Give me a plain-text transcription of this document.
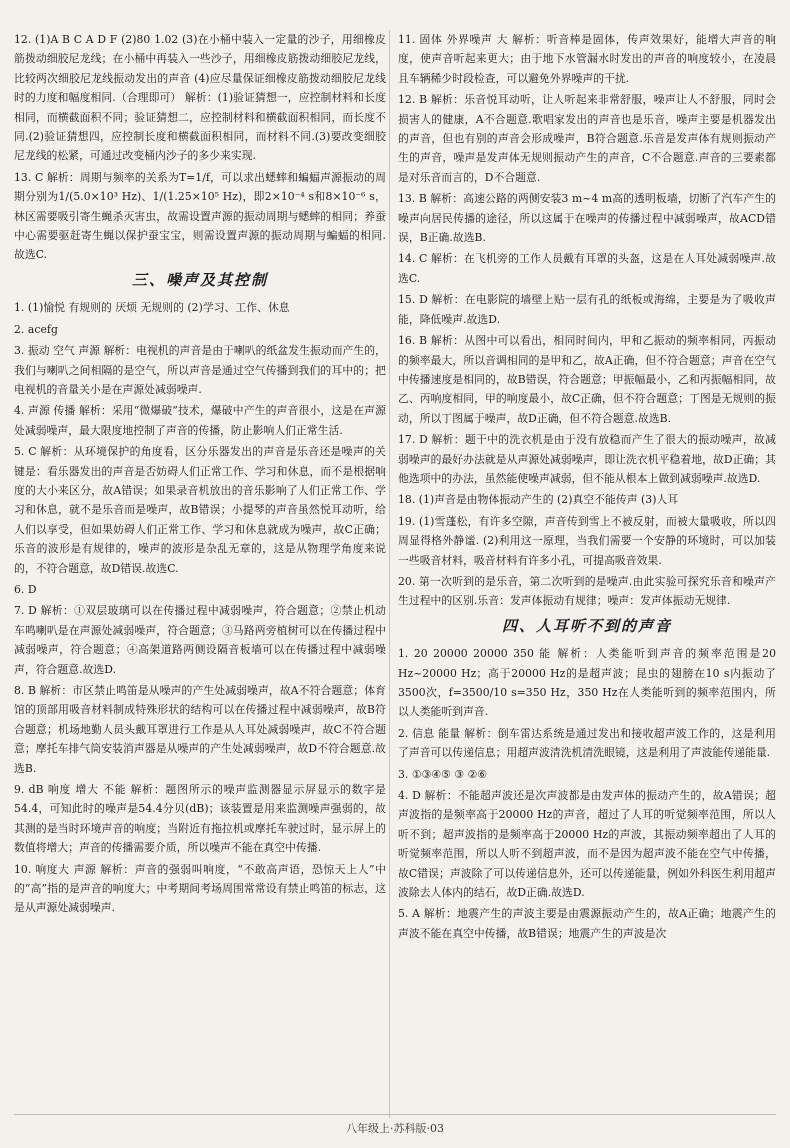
12. (1)A B C A D F (2)80 1.02 (3)在小桶中装入一定量的沙子，用细橡皮筋拨动细胶尼龙线；在小桶中再装入一些沙子，用细橡皮筋拨动细胶尼龙线，比较两次细胶尼龙线振动发出的声音 (4)应尽量保证细橡皮筋拨动细胶尼龙线时的力度和幅度相同.（合理即可） 解析：(1)验证猜想一，应控制材料和长度相同，而横截面积不同；验证猜想二，应控制材料和横截面积相同，而长度不同.(2)验证猜想四，应控制长度和横截面积相同，而材料不同.(3)要改变细胶尼龙线的松紧，可通过改变桶内沙子的多少来实现.

13. C 解析：周期与频率的关系为T=1/f，可以求出蟋蟀和蝙蝠声源振动的周期分别为1/(5.0×10³ Hz)、1/(1.25×10⁵ Hz)，即2×10⁻⁴ s和8×10⁻⁶ s，林区需要吸引寄生蝇杀灭害虫，故需设置声源的振动周期与蟋蟀的相同；养蚕中心需要驱赶寄生蝇以保护蚕宝宝，则需设置声源的振动周期与蝙蝠的相同.故选C.

三、噪声及其控制

1. (1)愉悦 有规则的 厌烦 无规则的 (2)学习、工作、休息

2. acefg

3. 振动 空气 声源 解析：电视机的声音是由于喇叭的纸盆发生振动而产生的，我们与喇叭之间相隔的是空气，所以声音是通过空气传播到我们的耳中的；把电视机的音量关小是在声源处减弱噪声.

4. 声源 传播 解析：采用“微爆破”技术，爆破中产生的声音很小，这是在声源处减弱噪声，最大限度地控制了声音的传播，防止影响人们正常生活.

5. C 解析：从环境保护的角度看，区分乐器发出的声音是乐音还是噪声的关键是：看乐器发出的声音是否妨碍人们正常工作、学习和休息，而不是根据响度的大小来区分，故A错误；如果录音机放出的音乐影响了人们正常工作、学习和休息，就不是乐音而是噪声，故B错误；小提琴的声音虽然悦耳动听，给人们以享受，但如果妨碍人们正常工作、学习和休息就成为噪声，故C正确；乐音的波形是有规律的，噪声的波形是杂乱无章的，这是从物理学角度来说的，不符合题意，故D错误.故选C.

6. D

7. D 解析：①双层玻璃可以在传播过程中减弱噪声，符合题意；②禁止机动车鸣喇叭是在声源处减弱噪声，符合题意；③马路两旁植树可以在传播过程中减弱噪声，符合题意；④高架道路两侧设隔音板墙可以在传播过程中减弱噪声，符合题意.故选D.

8. B 解析：市区禁止鸣笛是从噪声的产生处减弱噪声，故A不符合题意；体育馆的顶部用吸音材料制成特殊形状的结构可以在传播过程中减弱噪声，故B符合题意；机场地勤人员头戴耳罩进行工作是从人耳处减弱噪声，故C不符合题意；摩托车排气筒安装消声器是从噪声的产生处减弱噪声，故D不符合题意.故选B.

9. dB 响度 增大 不能 解析：题图所示的噪声监测器显示屏显示的数字是54.4，可知此时的噪声是54.4分贝(dB)；该装置是用来监测噪声强弱的，故其测的是当时环境声音的响度；当附近有拖拉机或摩托车驶过时，显示屏上的数值将增大；声音的传播需要介质，所以噪声不能在真空中传播.

10. 响度大 声源 解析：声音的强弱叫响度，“不敢高声语，恐惊天上人”中的“高”指的是声音的响度大；中考期间考场周围常常设有禁止鸣笛的标志，这是从声源处减弱噪声.

11. 固体 外界噪声 大 解析：听音棒是固体，传声效果好，能增大声音的响度，使声音听起来更大；由于地下水管漏水时发出的声音的响度较小，在凌晨且车辆稀少时段检查，可以避免外界噪声的干扰.

12. B 解析：乐音悦耳动听，让人听起来非常舒服，噪声让人不舒服，同时会损害人的健康，A不合题意.歌唱家发出的声音也是乐音，噪声主要是机器发出的声音，但也有别的声音会形成噪声，B符合题意.乐音是发声体有规则振动产生的声音，噪声是发声体无规则振动产生的声音，C不合题意.声音的三要素都是对乐音而言的，D不合题意.

13. B 解析：高速公路的两侧安装3 m~4 m高的透明板墙，切断了汽车产生的噪声向居民传播的途径，所以这属于在噪声的传播过程中减弱噪声，故ACD错误，B正确.故选B.

14. C 解析：在飞机旁的工作人员戴有耳罩的头盔，这是在人耳处减弱噪声.故选C.

15. D 解析：在电影院的墙壁上贴一层有孔的纸板或海绵，主要是为了吸收声能，降低噪声.故选D.

16. B 解析：从图中可以看出，相同时间内，甲和乙振动的频率相同，丙振动的频率最大，所以音调相同的是甲和乙，故A正确，但不符合题意；声音在空气中传播速度是相同的，故B错误，符合题意；甲振幅最小，乙和丙振幅相同，故乙、丙响度相同，甲的响度最小，故C正确，但不符合题意；丁图是无规则的振动，所以丁图属于噪声，故D正确，但不符合题意.故选B.

17. D 解析：题干中的洗衣机是由于没有放稳而产生了很大的振动噪声，故减弱噪声的最好办法就是从声源处减弱噪声，即让洗衣机平稳着地，故D正确；其他选项中的办法，虽然能使噪声减弱，但不能从根本上做到减弱噪声.故选D.

18. (1)声音是由物体振动产生的 (2)真空不能传声 (3)人耳

19. (1)雪蓬松，有许多空隙，声音传到雪上不被反射，而被大量吸收，所以四周显得格外静谧. (2)利用这一原理，当我们需要一个安静的环境时，可以加装一些吸音材料，吸音材料有许多小孔，可提高吸音效果.

20. 第一次听到的是乐音，第二次听到的是噪声.由此实验可探究乐音和噪声产生过程中的区别.乐音：发声体振动有规律；噪声：发声体振动无规律.

四、人耳听不到的声音

1. 20 20000 20000 350 能 解析：人类能听到声音的频率范围是20 Hz~20000 Hz；高于20000 Hz的是超声波；昆虫的翅膀在10 s内振动了3500次，f=3500/10 s=350 Hz，350 Hz在人类能听到的频率范围内，所以人类能听到声音.

2. 信息 能量 解析：倒车雷达系统是通过发出和接收超声波工作的，这是利用了声音可以传递信息；用超声波清洗机清洗眼镜，这是利用了声波能传递能量.

3. ①③④⑤ ③ ②⑥

4. D 解析：不能超声波还是次声波都是由发声体的振动产生的，故A错误；超声波指的是频率高于20000 Hz的声音，超过了人耳的听觉频率范围，所以人听不到；超声波指的是频率高于20000 Hz的声波，其振动频率超出了人耳的听觉频率范围，所以人听不到超声波，而不是因为超声波不能在空气中传播，故C错误；声波除了可以传递信息外，还可以传递能量，例如外科医生利用超声波除去人体内的结石，故D正确.故选D.

5. A 解析：地震产生的声波主要是由震源振动产生的，故A正确；地震产生的声波不能在真空中传播，故B错误；地震产生的声波是次

八年级上·苏科版·03
